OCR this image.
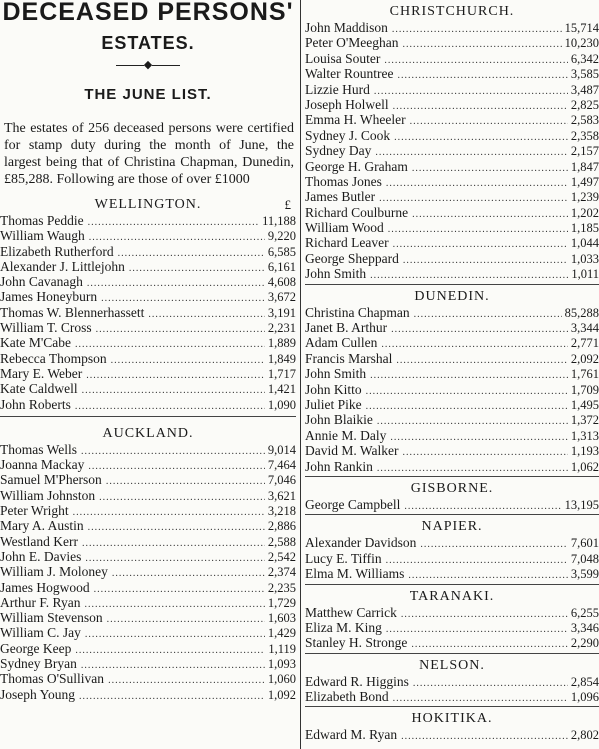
DECEASED PERSONS'
ESTATES.
◆
THE JUNE LIST.
The estates of 256 deceased persons were certified for stamp duty during the month of June, the largest being that of Christina Chapman, Dunedin, £85,288. Following are those of over £1000
WELLINGTON.	£
Thomas Peddie .....	11,188
William Waugh .....	9,220
Elizabeth Rutherford .....	6,585
Alexander J. Littlejohn .....	6,161
John Cavanagh .....	4,608
James Honeyburn .....	3,672
Thomas W. Blennerhassett .....	3,191
William T. Cross .....	2,231
Kate M'Cabe .....	1,889
Rebecca Thompson .....	1,849
Mary E. Weber .....	1,717
Kate Caldwell .....	1,421
John Roberts .....	1,090
AUCKLAND.
Thomas Wells .....	9,014
Joanna Mackay .....	7,464
Samuel M'Pherson .....	7,046
William Johnston .....	3,621
Peter Wright .....	3,218
Mary A. Austin .....	2,886
Westland Kerr .....	2,588
John E. Davies .....	2,542
William J. Moloney .....	2,374
James Hogwood .....	2,235
Arthur F. Ryan .....	1,729
William Stevenson .....	1,603
William C. Jay .....	1,429
George Keep .....	1,119
Sydney Bryan .....	1,093
Thomas O'Sullivan .....	1,060
Joseph Young .....	1,092
CHRISTCHURCH.
John Maddison .....	15,714
Peter O'Meeghan .....	10,230
Louisa Souter .....	6,342
Walter Rountree .....	3,585
Lizzie Hurd .....	3,487
Joseph Holwell .....	2,825
Emma H. Wheeler .....	2,583
Sydney J. Cook .....	2,358
Sydney Day .....	2,157
George H. Graham .....	1,847
Thomas Jones .....	1,497
James Butler .....	1,239
Richard Coulburne .....	1,202
William Wood .....	1,185
Richard Leaver .....	1,044
George Sheppard .....	1,033
John Smith .....	1,011
DUNEDIN.
Christina Chapman .....	85,288
Janet B. Arthur .....	3,344
Adam Cullen .....	2,771
Francis Marshal .....	2,092
John Smith .....	1,761
John Kitto .....	1,709
Juliet Pike .....	1,495
John Blaikie .....	1,372
Annie M. Daly .....	1,313
David M. Walker .....	1,193
John Rankin .....	1,062
GISBORNE.
George Campbell .....	13,195
NAPIER.
Alexander Davidson .....	7,601
Lucy E. Tiffin .....	7,048
Elma M. Williams .....	3,599
TARANAKI.
Matthew Carrick .....	6,255
Eliza M. King .....	3,346
Stanley H. Stronge .....	2,290
NELSON.
Edward R. Higgins .....	2,854
Elizabeth Bond .....	1,096
HOKITIKA.
Edward M. Ryan .....	2,802
